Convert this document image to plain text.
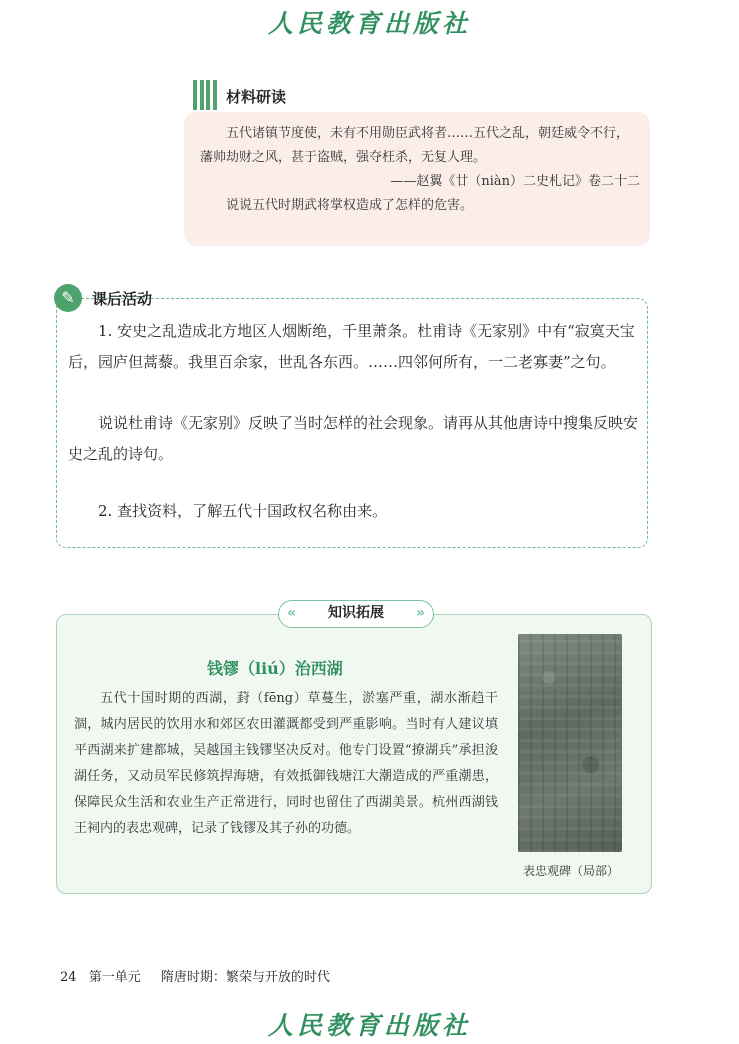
人民教育出版社
材料研读

五代诸镇节度使，未有不用勋臣武将者……五代之乱，朝廷威令不行，藩帅劫财之风，甚于盗贼，强夺枉杀，无复人理。

——赵翼《廿（niàn）二史札记》卷二十二

说说五代时期武将掌权造成了怎样的危害。

✎	课后活动

1. 安史之乱造成北方地区人烟断绝，千里萧条。杜甫诗《无家别》中有“寂寞天宝后，园庐但蒿藜。我里百余家，世乱各东西。……四邻何所有，一二老寡妻”之句。

说说杜甫诗《无家别》反映了当时怎样的社会现象。请再从其他唐诗中搜集反映安史之乱的诗句。

2. 查找资料，了解五代十国政权名称由来。

« 知识拓展 »
钱镠（liú）治西湖

五代十国时期的西湖，葑（fēng）草蔓生，淤塞严重，湖水渐趋干涸，城内居民的饮用水和郊区农田灌溉都受到严重影响。当时有人建议填平西湖来扩建都城，吴越国主钱镠坚决反对。他专门设置“撩湖兵”承担浚湖任务，又动员军民修筑捍海塘，有效抵御钱塘江大潮造成的严重潮患，保障民众生活和农业生产正常进行，同时也留住了西湖美景。杭州西湖钱王祠内的表忠观碑，记录了钱镠及其子孙的功德。

表忠观碑（局部）
24 第一单元 隋唐时期：繁荣与开放的时代
人民教育出版社
